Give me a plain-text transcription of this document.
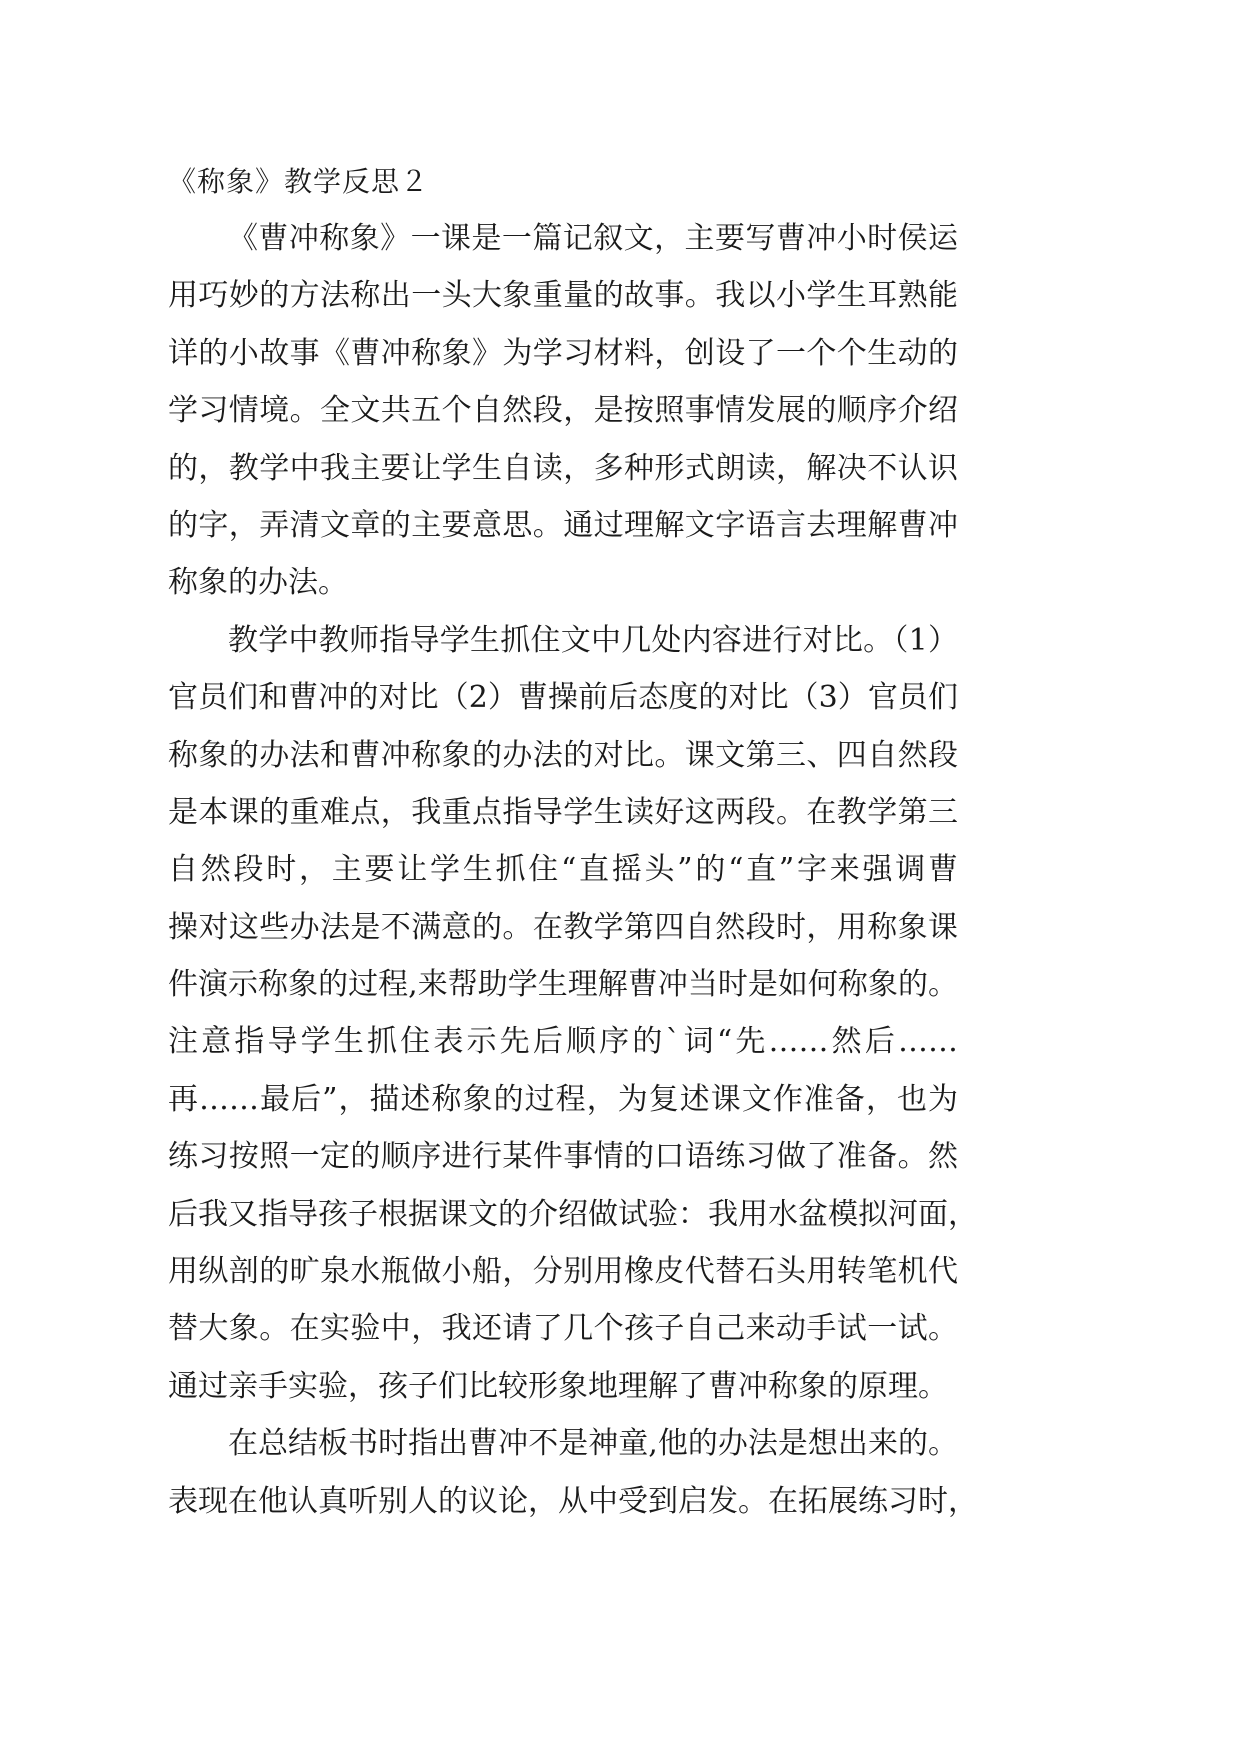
《称象》教学反思２
《曹冲称象》一课是一篇记叙文，主要写曹冲小时侯运
用巧妙的方法称出一头大象重量的故事。我以小学生耳熟能
详的小故事《曹冲称象》为学习材料，创设了一个个生动的
学习情境。全文共五个自然段，是按照事情发展的顺序介绍
的，教学中我主要让学生自读，多种形式朗读，解决不认识
的字，弄清文章的主要意思。通过理解文字语言去理解曹冲
称象的办法。
教学中教师指导学生抓住文中几处内容进行对比。（1）
官员们和曹冲的对比（2）曹操前后态度的对比（3）官员们
称象的办法和曹冲称象的办法的对比。课文第三、四自然段
是本课的重难点，我重点指导学生读好这两段。在教学第三
自然段时，主要让学生抓住“直摇头”的“直”字来强调曹
操对这些办法是不满意的。在教学第四自然段时，用称象课
件演示称象的过程,来帮助学生理解曹冲当时是如何称象的。
注意指导学生抓住表示先后顺序的`词“先……然后……
再……最后”，描述称象的过程，为复述课文作准备，也为
练习按照一定的顺序进行某件事情的口语练习做了准备。然
后我又指导孩子根据课文的介绍做试验：我用水盆模拟河面，
用纵剖的旷泉水瓶做小船，分别用橡皮代替石头用转笔机代
替大象。在实验中，我还请了几个孩子自己来动手试一试。
通过亲手实验，孩子们比较形象地理解了曹冲称象的原理。
在总结板书时指出曹冲不是神童,他的办法是想出来的。
表现在他认真听别人的议论，从中受到启发。在拓展练习时，
